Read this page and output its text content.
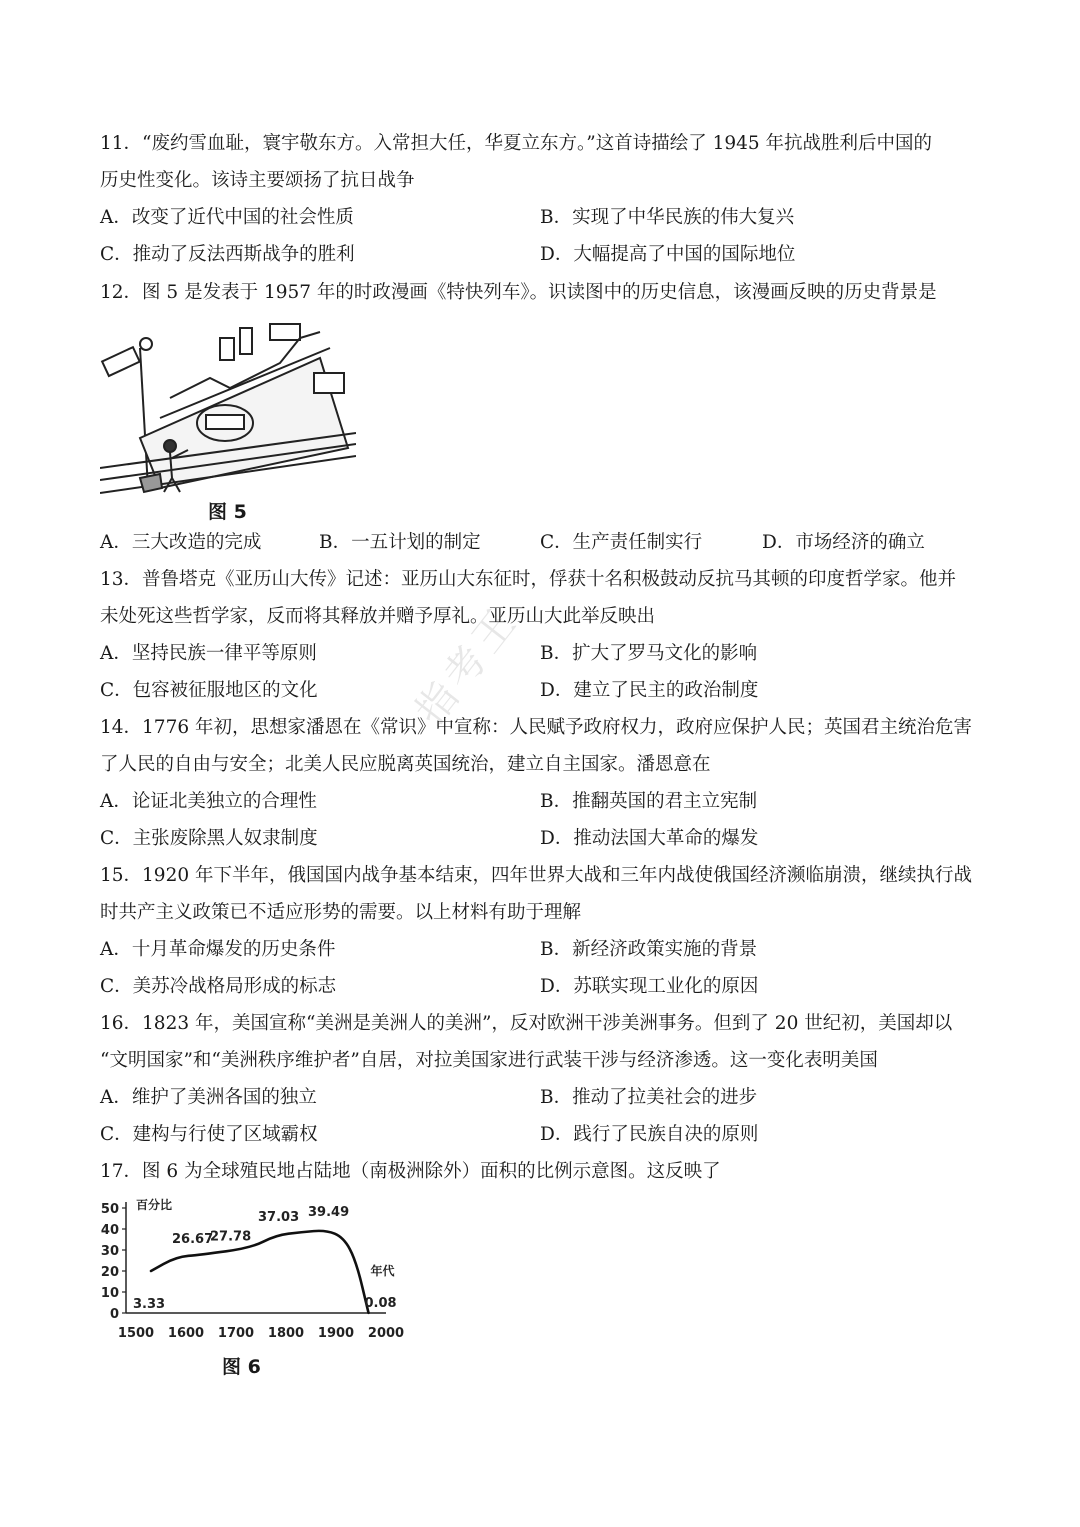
指考王
11．“废约雪血耻，寰宇敬东方。入常担大任，华夏立东方。”这首诗描绘了 1945 年抗战胜利后中国的
历史性变化。该诗主要颂扬了抗日战争
A．改变了近代中国的社会性质	B．实现了中华民族的伟大复兴
C．推动了反法西斯战争的胜利	D．大幅提高了中国的国际地位
12．图 5 是发表于 1957 年的时政漫画《特快列车》。识读图中的历史信息，该漫画反映的历史背景是
图 5
A．三大改造的完成	B．一五计划的制定	C．生产责任制实行	D．市场经济的确立
13．普鲁塔克《亚历山大传》记述：亚历山大东征时，俘获十名积极鼓动反抗马其顿的印度哲学家。他并
未处死这些哲学家，反而将其释放并赠予厚礼。亚历山大此举反映出
A．坚持民族一律平等原则	B．扩大了罗马文化的影响
C．包容被征服地区的文化	D．建立了民主的政治制度
14．1776 年初，思想家潘恩在《常识》中宣称：人民赋予政府权力，政府应保护人民；英国君主统治危害
了人民的自由与安全；北美人民应脱离英国统治，建立自主国家。潘恩意在
A．论证北美独立的合理性	B．推翻英国的君主立宪制
C．主张废除黑人奴隶制度	D．推动法国大革命的爆发
15．1920 年下半年，俄国国内战争基本结束，四年世界大战和三年内战使俄国经济濒临崩溃，继续执行战
时共产主义政策已不适应形势的需要。以上材料有助于理解
A．十月革命爆发的历史条件	B．新经济政策实施的背景
C．美苏冷战格局形成的标志	D．苏联实现工业化的原因
16．1823 年，美国宣称“美洲是美洲人的美洲”，反对欧洲干涉美洲事务。但到了 20 世纪初，美国却以
“文明国家”和“美洲秩序维护者”自居，对拉美国家进行武装干涉与经济渗透。这一变化表明美国
A．维护了美洲各国的独立	B．推动了拉美社会的进步
C．建构与行使了区域霸权	D．践行了民族自决的原则
17．图 6 为全球殖民地占陆地（南极洲除外）面积的比例示意图。这反映了
0
10
20
30
40
50
1500 1600 1700 1800 1900 2000
百分比
年代
3.33
26.67
27.78
37.03 39.49
0.08
图 6
